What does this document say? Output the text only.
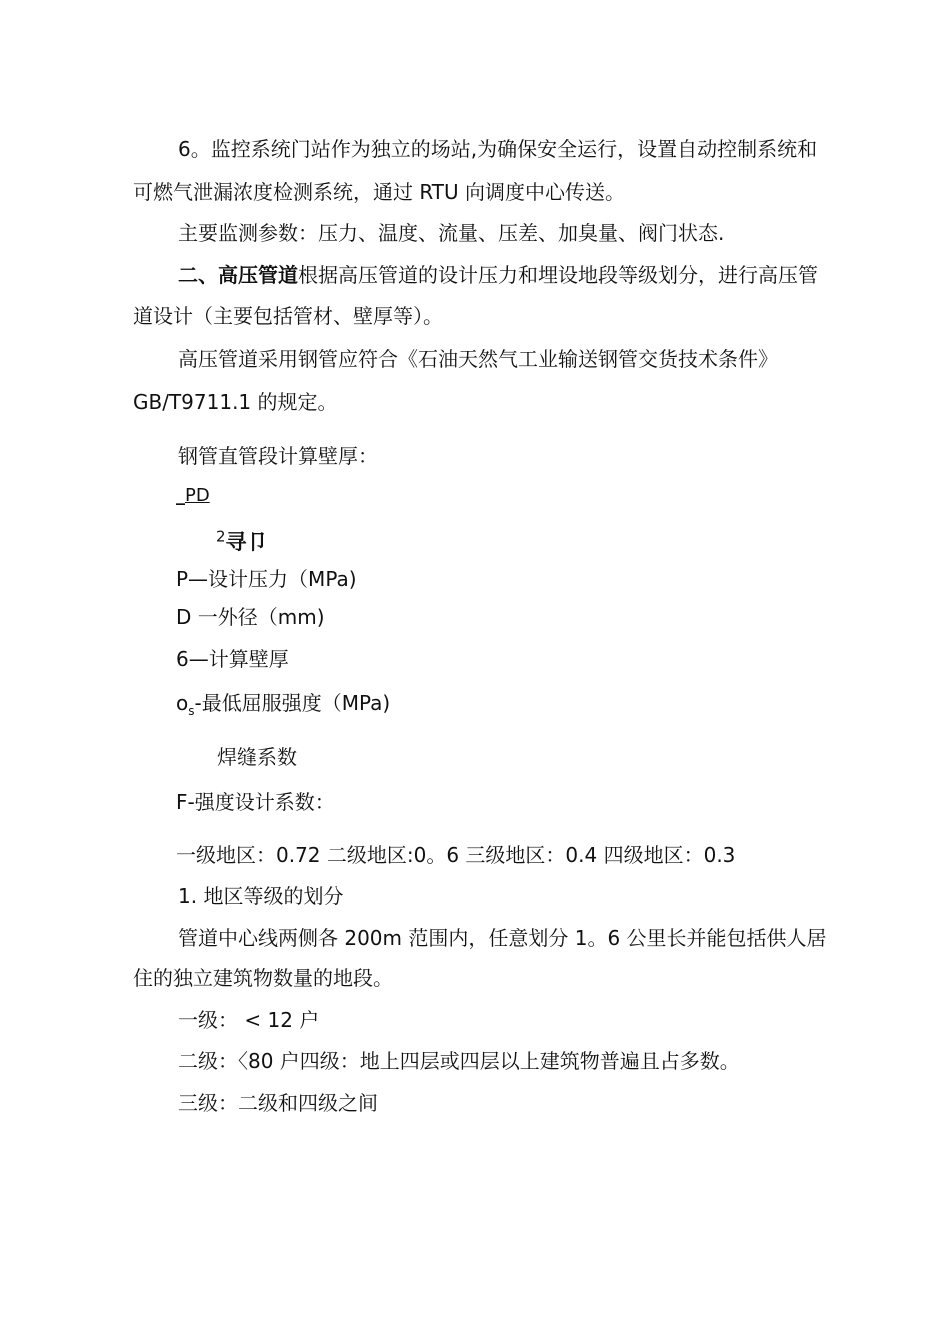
6。监控系统门站作为独立的场站,为确保安全运行，设置自动控制系统和
可燃气泄漏浓度检测系统，通过 RTU 向调度中心传送。
主要监测参数：压力、温度、流量、压差、加臭量、阀门状态.
二、高压管道根据高压管道的设计压力和埋设地段等级划分，进行高压管
道设计（主要包括管材、壁厚等）。
高压管道采用钢管应符合《石油天然气工业输送钢管交货技术条件》
GB/T9711.1 的规定。
钢管直管段计算壁厚：
_PD
$^2$寻卩
P—设计压力（MPa)
D 一外径（mm)
6—计算壁厚
$o_s-$最低屈服强度（MPa)
焊缝系数
F-强度设计系数：
一级地区：0.72 二级地区:0。6 三级地区：0.4 四级地区：0.3
1. 地区等级的划分
管道中心线两侧各 200m 范围内，任意划分 1。6 公里长并能包括供人居
住的独立建筑物数量的地段。
一级： < 12 户
二级：〈80 户四级：地上四层或四层以上建筑物普遍且占多数。
三级：二级和四级之间
